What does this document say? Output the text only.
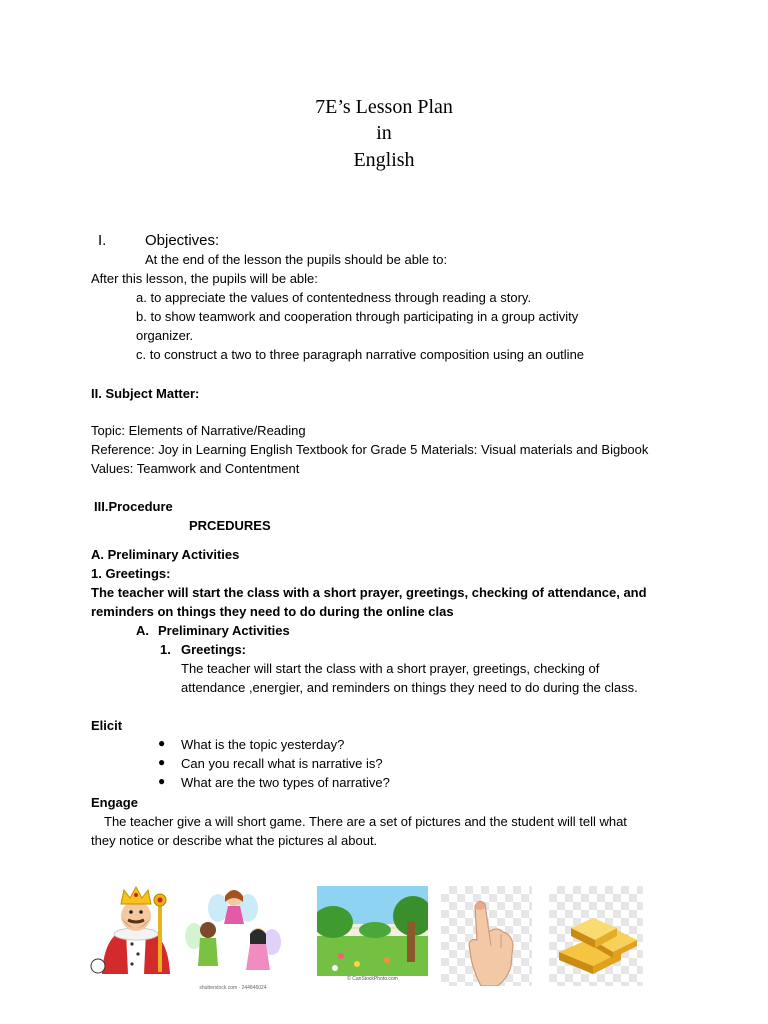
7E’s Lesson Plan
in
English
I.	Objectives:
At the end of the lesson the pupils should be able to:
After this lesson, the pupils will be able:
a. to appreciate the values of contentedness through reading a story.
b. to show teamwork and cooperation through participating in a group activity
organizer.
c. to construct a two to three paragraph narrative composition using an outline
II. Subject Matter:
Topic: Elements of Narrative/Reading
Reference: Joy in Learning English Textbook for Grade 5 Materials: Visual materials and Bigbook
Values: Teamwork and Contentment
III.Procedure
PRCEDURES
A. Preliminary Activities
1. Greetings:
The teacher will start the class with a short prayer, greetings, checking of attendance, and
reminders on things they need to do during the online clas
A. Preliminary Activities
1. Greetings:
The teacher will start the class with a short prayer, greetings, checking of
attendance ,energier, and reminders on things they need to do during the class.
Elicit
● What is the topic yesterday?
● Can you recall what is narrative is?
● What are the two types of narrative?
Engage
The teacher give a will short game. There are a set of pictures and the student will tell what
they notice or describe what the pictures al about.
shutterstock.com · 244846024
© CanStockPhoto.com
